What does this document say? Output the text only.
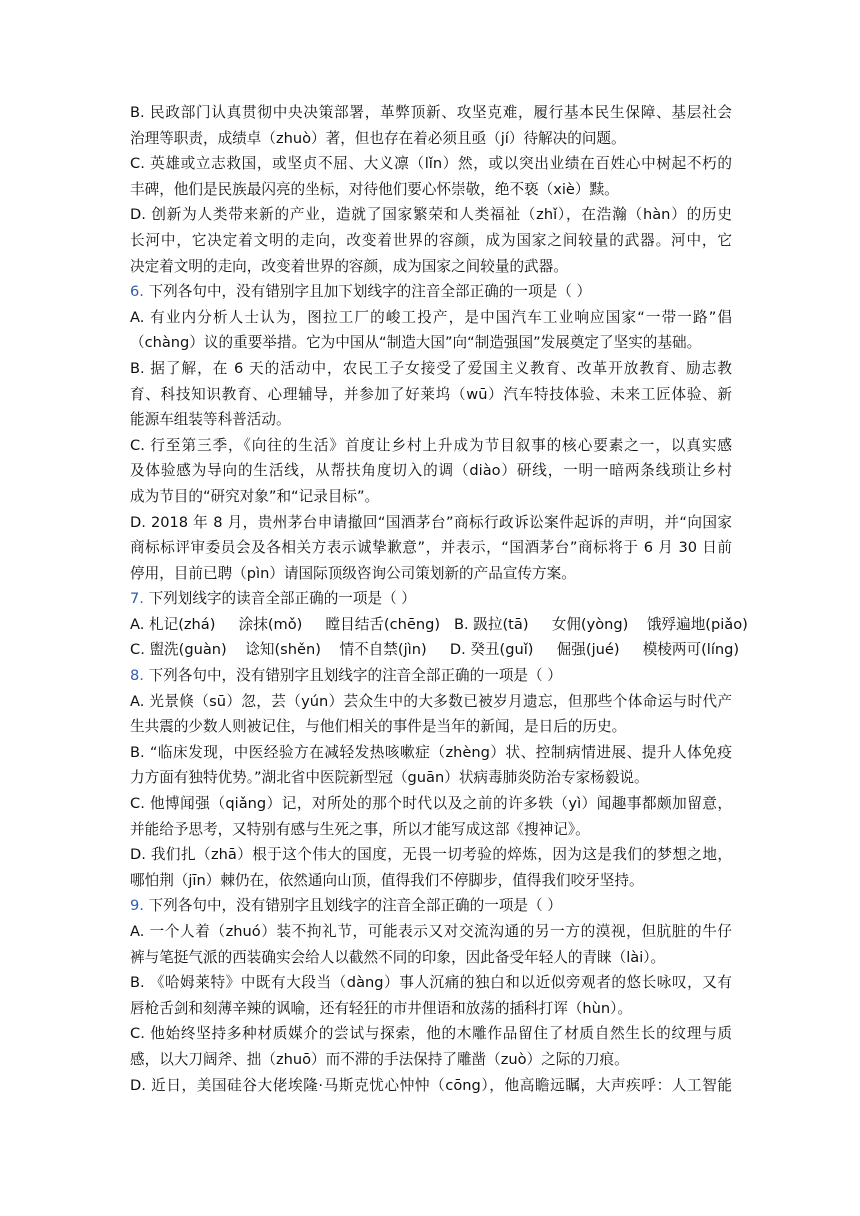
B. 民政部门认真贯彻中央决策部署，革弊顶新、攻坚克难，履行基本民生保障、基层社会
治理等职责，成绩卓（zhuò）著，但也存在着必须且亟（jí）待解决的问题。
C. 英雄或立志救国，或坚贞不屈、大义凛（lǐn）然，或以突出业绩在百姓心中树起不朽的
丰碑，他们是民族最闪亮的坐标，对待他们要心怀崇敬，绝不亵（xiè）黩。
D. 创新为人类带来新的产业，造就了国家繁荣和人类福祉（zhǐ），在浩瀚（hàn）的历史
长河中，它决定着文明的走向，改变着世界的容颜，成为国家之间较量的武器。河中，它
决定着文明的走向，改变着世界的容颜，成为国家之间较量的武器。
6. 下列各句中，没有错别字且加下划线字的注音全部正确的一项是（ ）
A. 有业内分析人士认为，图拉工厂的峻工投产，是中国汽车工业响应国家“一带一路”倡
（chàng）议的重要举措。它为中国从“制造大国”向“制造强国”发展奠定了坚实的基础。
B. 据了解，在 6 天的活动中，农民工子女接受了爱国主义教育、改革开放教育、励志教
育、科技知识教育、心理辅导，并参加了好莱坞（wū）汽车特技体验、未来工匠体验、新
能源车组装等科普活动。
C. 行至第三季，《向往的生活》首度让乡村上升成为节目叙事的核心要素之一，以真实感
及体验感为导向的生活线，从帮扶角度切入的调（diào）研线，一明一暗两条线琐让乡村
成为节目的“研究对象”和“记录目标”。
D. 2018 年 8 月，贵州茅台申请撤回“国酒茅台”商标行政诉讼案件起诉的声明，并“向国家
商标标评审委员会及各相关方表示诚挚歉意”，并表示，“国酒茅台”商标将于 6 月 30 日前
停用，目前已聘（pìn）请国际顶级咨询公司策划新的产品宣传方案。
7. 下列划线字的读音全部正确的一项是（ ）
A. 札记(zhá)     涂抹(mǒ)     瞠目结舌(chēng)   B. 趿拉(tā)     女佣(yòng)    饿殍遍地(piǎo)
C. 盥洗(guàn)    谂知(shěn)    情不自禁(jìn)     D. 癸丑(guǐ)     倔强(jué)     模棱两可(líng)
8. 下列各句中，没有错别字且划线字的注音全部正确的一项是（ ）
A. 光景倏（sū）忽，芸（yún）芸众生中的大多数已被岁月遗忘，但那些个体命运与时代产
生共震的少数人则被记住，与他们相关的事件是当年的新闻，是日后的历史。
B. “临床发现，中医经验方在减轻发热咳嗽症（zhèng）状、控制病情进展、提升人体免疫
力方面有独特优势。”湖北省中医院新型冠（guān）状病毒肺炎防治专家杨毅说。
C. 他博闻强（qiǎng）记，对所处的那个时代以及之前的许多轶（yì）闻趣事都颇加留意，
并能给予思考，又特别有感与生死之事，所以才能写成这部《搜神记》。
D. 我们扎（zhā）根于这个伟大的国度，无畏一切考验的焠炼，因为这是我们的梦想之地，
哪怕荆（jīn）棘仍在，依然通向山顶，值得我们不停脚步，值得我们咬牙坚持。
9. 下列各句中，没有错别字且划线字的注音全部正确的一项是（ ）
A. 一个人着（zhuó）装不拘礼节，可能表示又对交流沟通的另一方的漠视，但肮脏的牛仔
裤与笔挺气派的西装确实会给人以截然不同的印象，因此备受年轻人的青睐（lài）。
B. 《哈姆莱特》中既有大段当（dàng）事人沉痛的独白和以近似旁观者的悠长咏叹，又有
唇枪舌剑和刻薄辛辣的讽喻，还有轻狂的市井俚语和放荡的插科打诨（hùn）。
C. 他始终坚持多种材质媒介的尝试与探索，他的木雕作品留住了材质自然生长的纹理与质
感，以大刀阔斧、拙（zhuō）而不滞的手法保持了雕凿（zuò）之际的刀痕。
D. 近日，美国硅谷大佬埃隆·马斯克忧心忡忡（cōng），他高瞻远瞩，大声疾呼：人工智能
